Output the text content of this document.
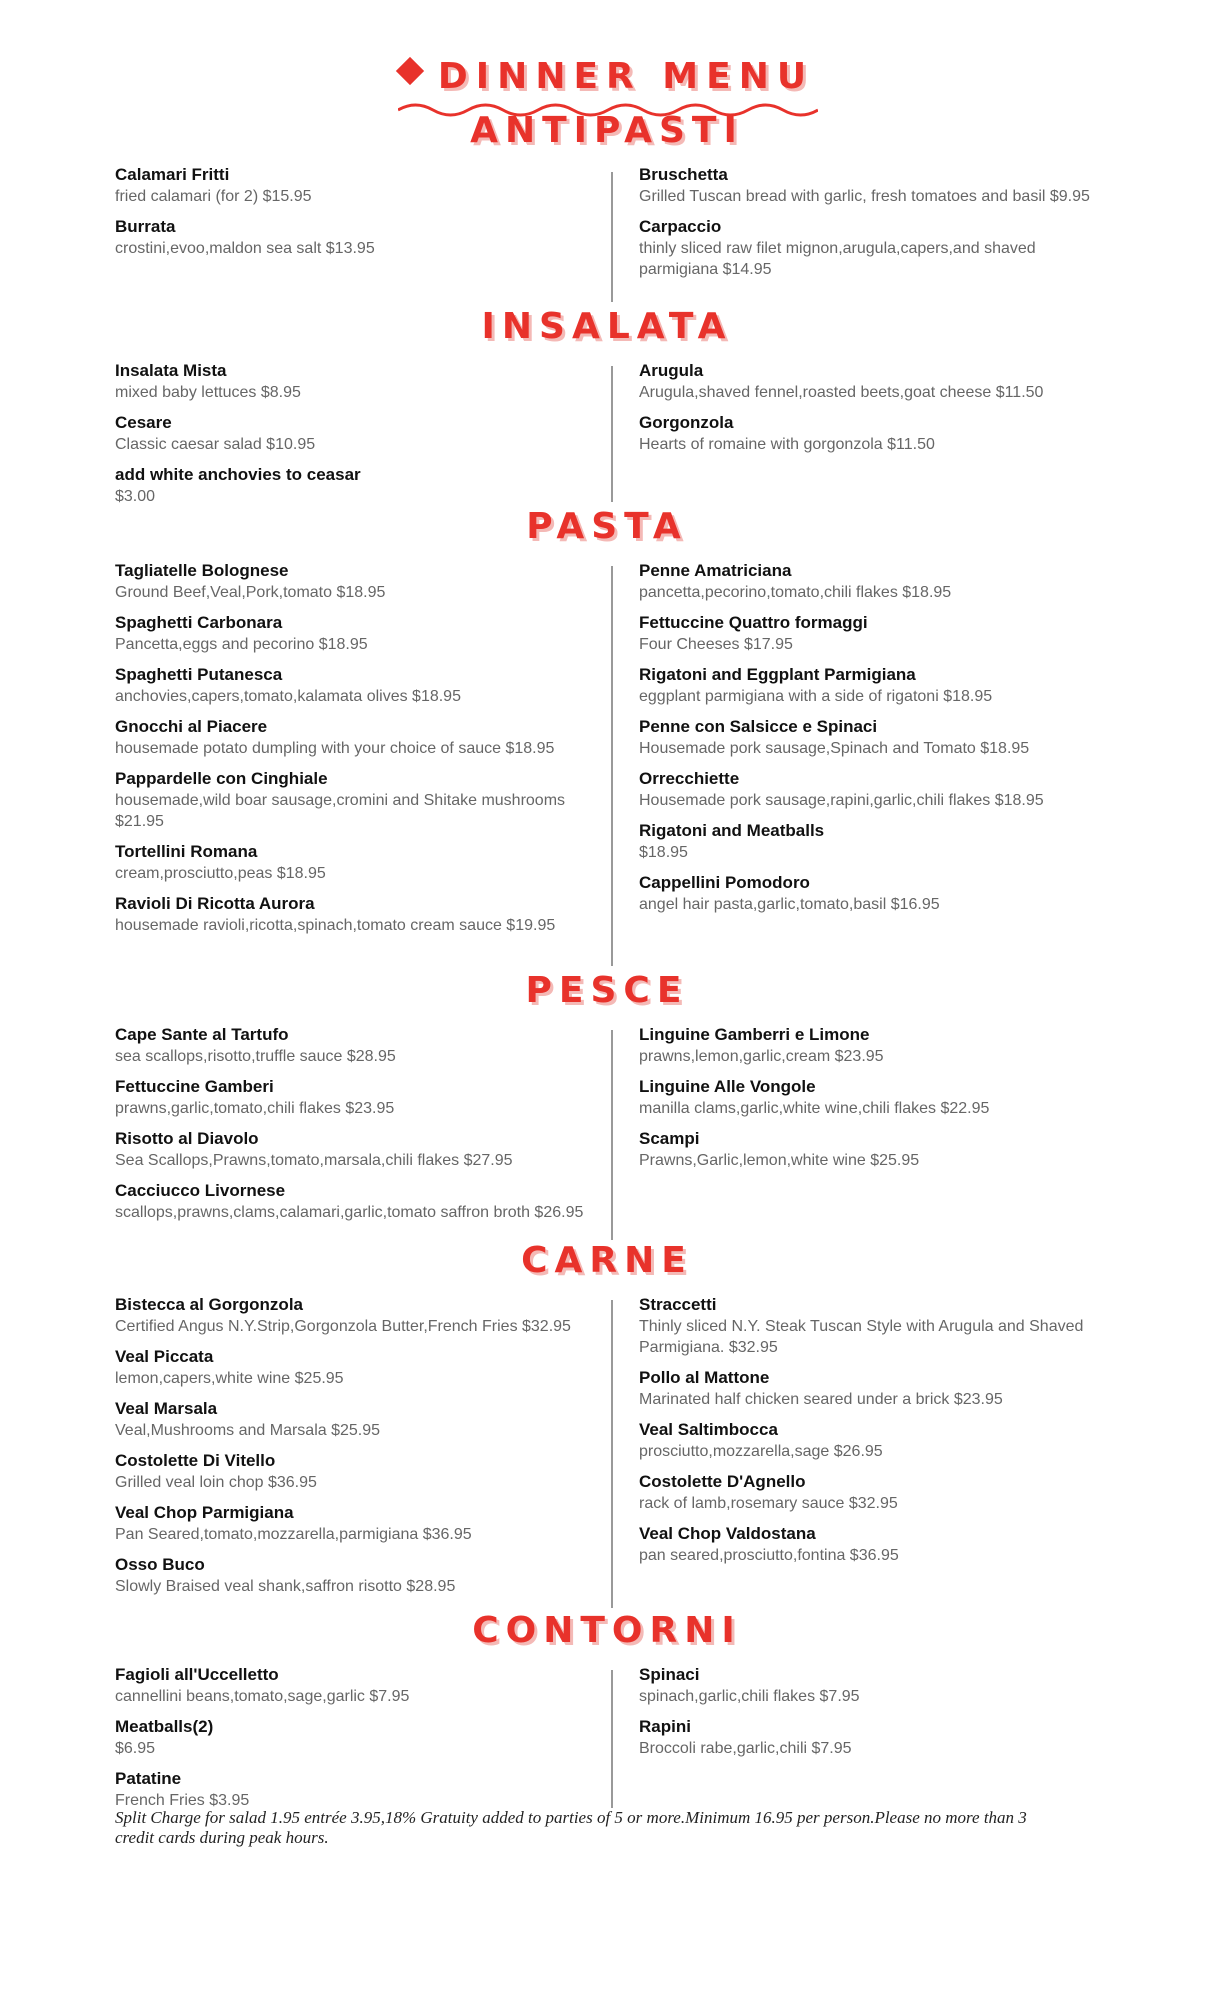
DINNER MENU
ANTIPASTI
Calamari Fritti
fried calamari (for 2) $15.95
Burrata
crostini,evoo,maldon sea salt $13.95
Bruschetta
Grilled Tuscan bread with garlic, fresh tomatoes and basil $9.95
Carpaccio
thinly sliced raw filet mignon,arugula,capers,and shaved parmigiana $14.95
INSALATA
Insalata Mista
mixed baby lettuces $8.95
Cesare
Classic caesar salad $10.95
add white anchovies to ceasar
$3.00
Arugula
Arugula,shaved fennel,roasted beets,goat cheese $11.50
Gorgonzola
Hearts of romaine with gorgonzola $11.50
PASTA
Tagliatelle Bolognese
Ground Beef,Veal,Pork,tomato $18.95
Spaghetti Carbonara
Pancetta,eggs and pecorino $18.95
Spaghetti Putanesca
anchovies,capers,tomato,kalamata olives $18.95
Gnocchi al Piacere
housemade potato dumpling with your choice of sauce $18.95
Pappardelle con Cinghiale
housemade,wild boar sausage,cromini and Shitake mushrooms $21.95
Tortellini Romana
cream,prosciutto,peas $18.95
Ravioli Di Ricotta Aurora
housemade ravioli,ricotta,spinach,tomato cream sauce $19.95
Penne Amatriciana
pancetta,pecorino,tomato,chili flakes $18.95
Fettuccine Quattro formaggi
Four Cheeses $17.95
Rigatoni and Eggplant Parmigiana
eggplant parmigiana with a side of rigatoni $18.95
Penne con Salsicce e Spinaci
Housemade pork sausage,Spinach and Tomato $18.95
Orrecchiette
Housemade pork sausage,rapini,garlic,chili flakes $18.95
Rigatoni and Meatballs
$18.95
Cappellini Pomodoro
angel hair pasta,garlic,tomato,basil $16.95
PESCE
Cape Sante al Tartufo
sea scallops,risotto,truffle sauce $28.95
Fettuccine Gamberi
prawns,garlic,tomato,chili flakes $23.95
Risotto al Diavolo
Sea Scallops,Prawns,tomato,marsala,chili flakes $27.95
Cacciucco Livornese
scallops,prawns,clams,calamari,garlic,tomato saffron broth $26.95
Linguine Gamberri e Limone
prawns,lemon,garlic,cream $23.95
Linguine Alle Vongole
manilla clams,garlic,white wine,chili flakes $22.95
Scampi
Prawns,Garlic,lemon,white wine $25.95
CARNE
Bistecca al Gorgonzola
Certified Angus N.Y.Strip,Gorgonzola Butter,French Fries $32.95
Veal Piccata
lemon,capers,white wine $25.95
Veal Marsala
Veal,Mushrooms and Marsala $25.95
Costolette Di Vitello
Grilled veal loin chop $36.95
Veal Chop Parmigiana
Pan Seared,tomato,mozzarella,parmigiana $36.95
Osso Buco
Slowly Braised veal shank,saffron risotto $28.95
Straccetti
Thinly sliced N.Y. Steak Tuscan Style with Arugula and Shaved Parmigiana. $32.95
Pollo al Mattone
Marinated half chicken seared under a brick $23.95
Veal Saltimbocca
prosciutto,mozzarella,sage $26.95
Costolette D'Agnello
rack of lamb,rosemary sauce $32.95
Veal Chop Valdostana
pan seared,prosciutto,fontina $36.95
CONTORNI
Fagioli all'Uccelletto
cannellini beans,tomato,sage,garlic $7.95
Meatballs(2)
$6.95
Patatine
French Fries $3.95
Spinaci
spinach,garlic,chili flakes $7.95
Rapini
Broccoli rabe,garlic,chili $7.95
Split Charge for salad 1.95 entrée 3.95,18% Gratuity added to parties of 5 or more.Minimum 16.95 per person.Please no more than 3 credit cards during peak hours.
